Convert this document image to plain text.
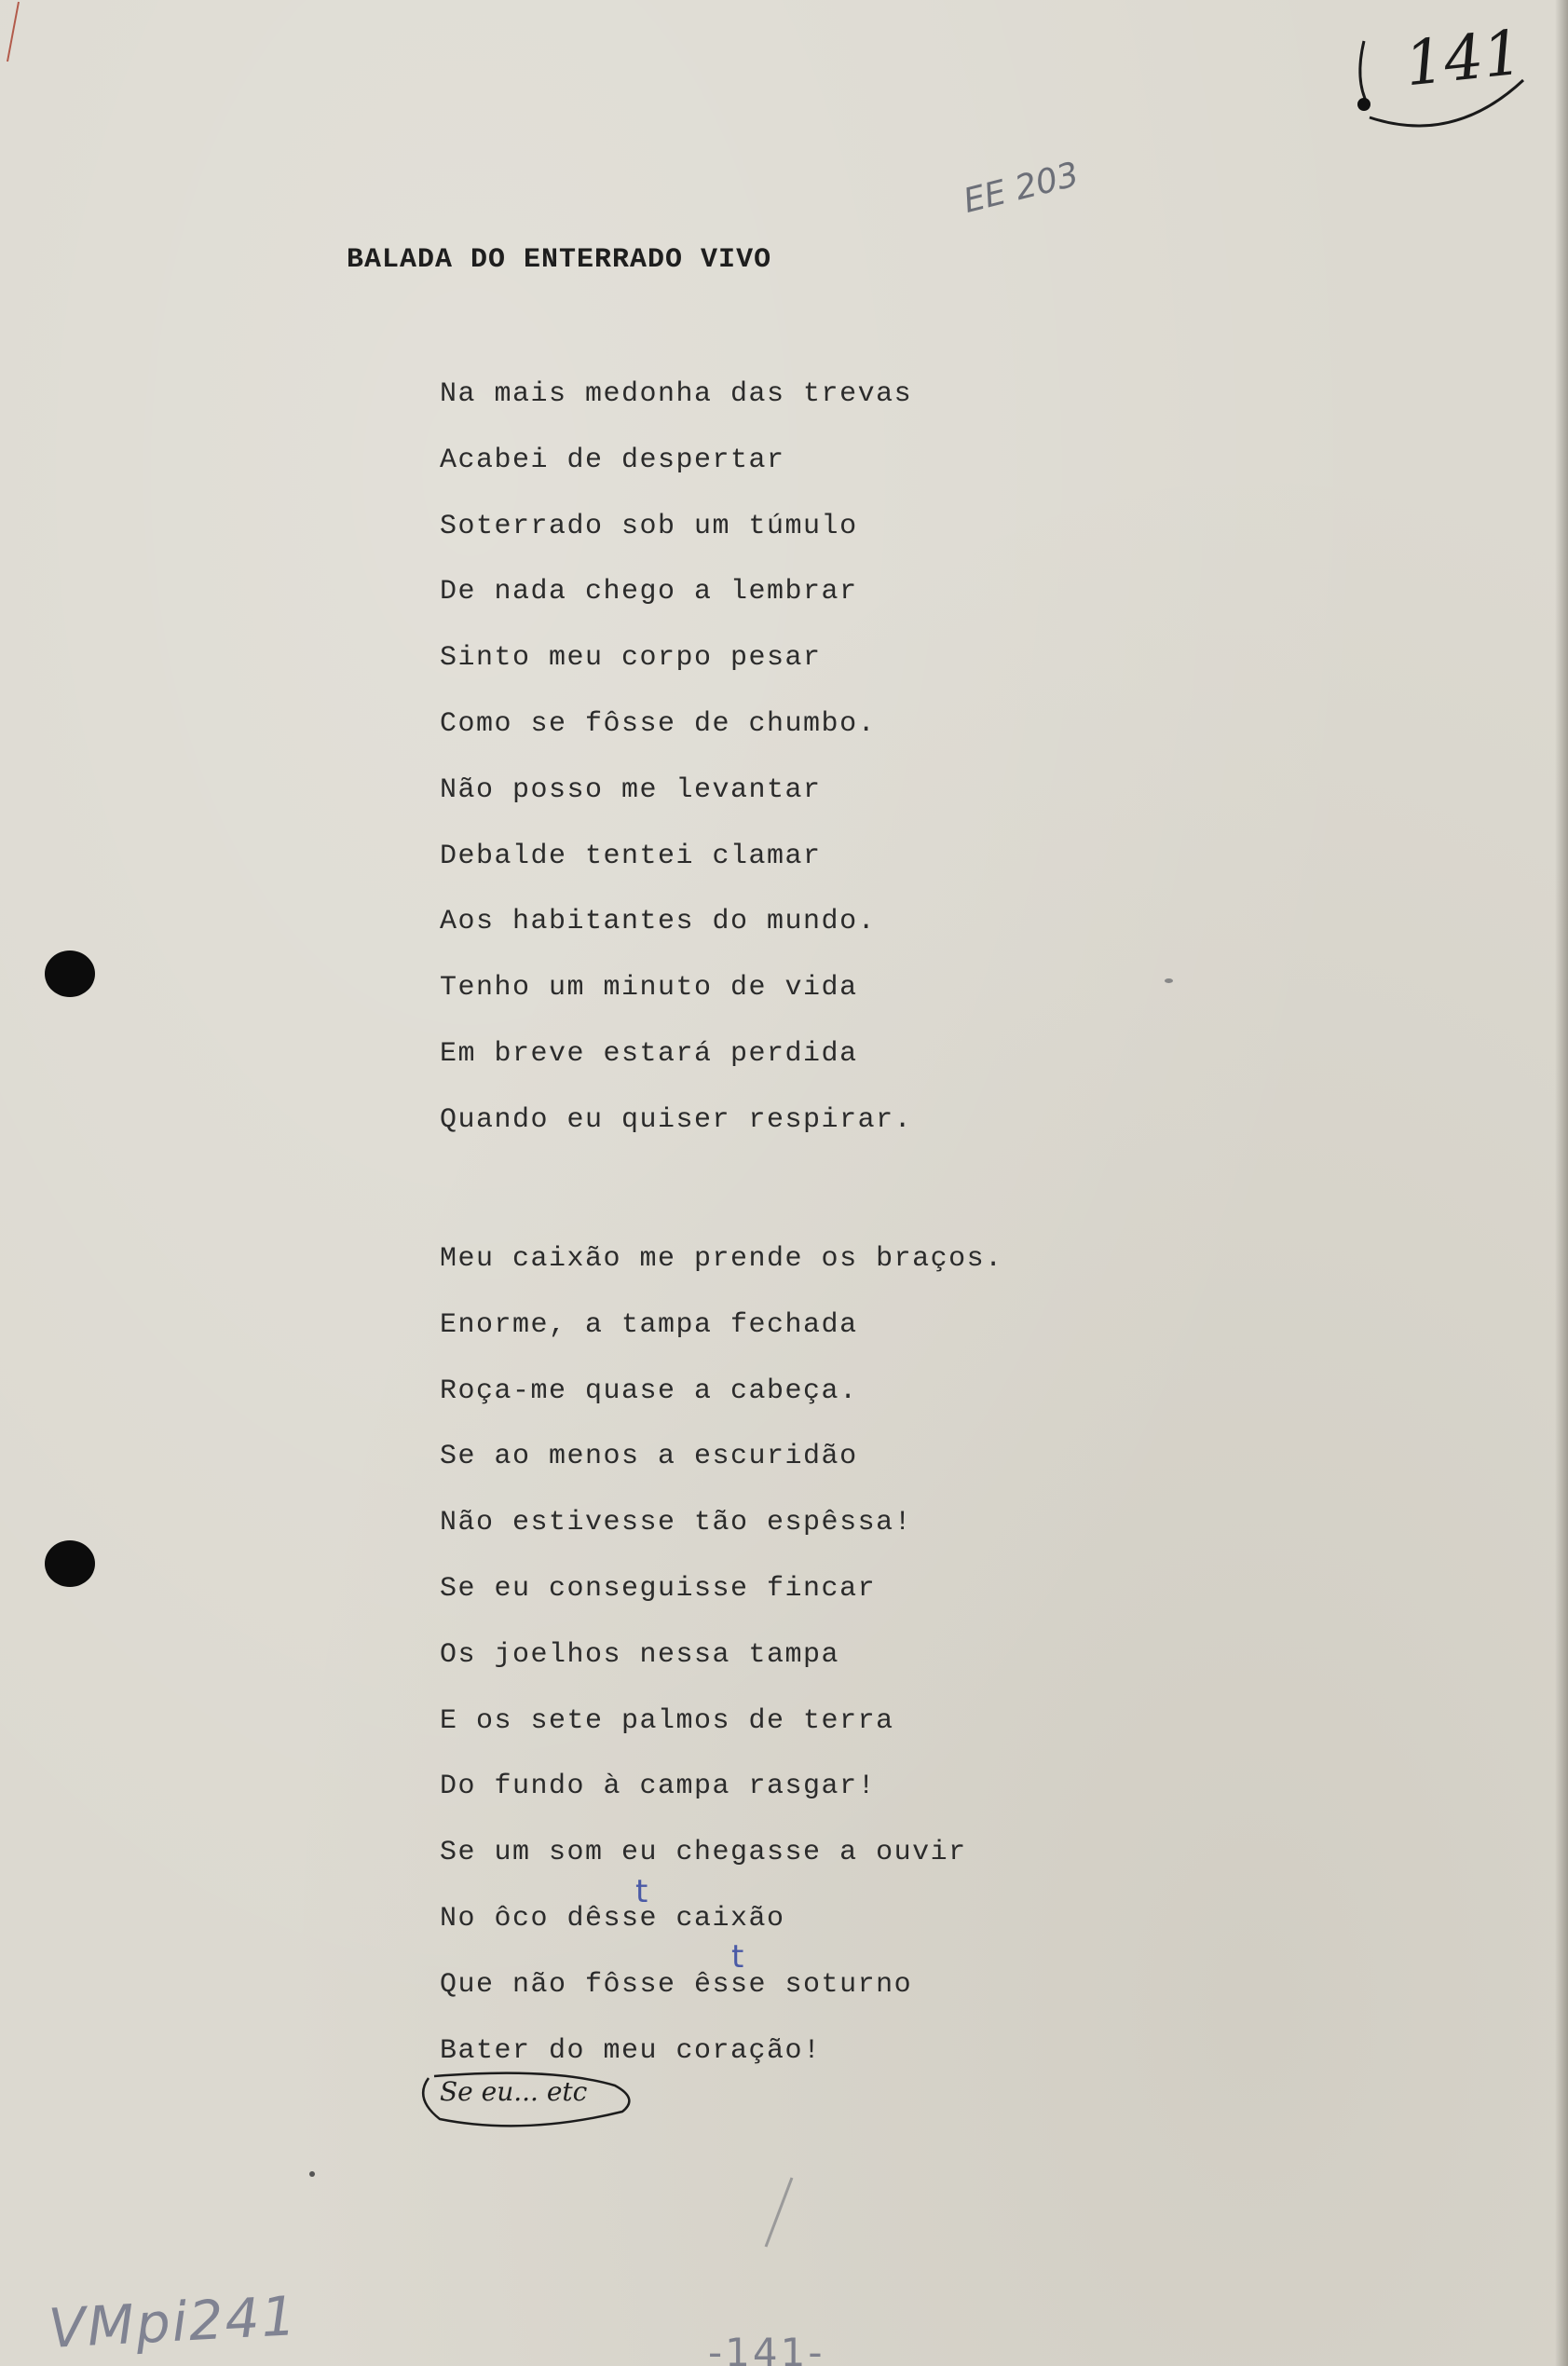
141
EE 203
BALADA DO ENTERRADO VIVO
Na mais medonha das trevas
Acabei de despertar
Soterrado sob um túmulo
De nada chego a lembrar
Sinto meu corpo pesar
Como se fôsse de chumbo.
Não posso me levantar
Debalde tentei clamar
Aos habitantes do mundo.
Tenho um minuto de vida
Em breve estará perdida
Quando eu quiser respirar.
Meu caixão me prende os braços.
Enorme, a tampa fechada
Roça-me quase a cabeça.
Se ao menos a escuridão
Não estivesse tão espêssa!
Se eu conseguisse fincar
Os joelhos nessa tampa
E os sete palmos de terra
Do fundo à campa rasgar!
Se um som eu chegasse a ouvir
No ôco dêsse caixão
Que não fôsse êsse soturno
Bater do meu coração!
t
t
Se eu... etc
VMpi241	-141-
